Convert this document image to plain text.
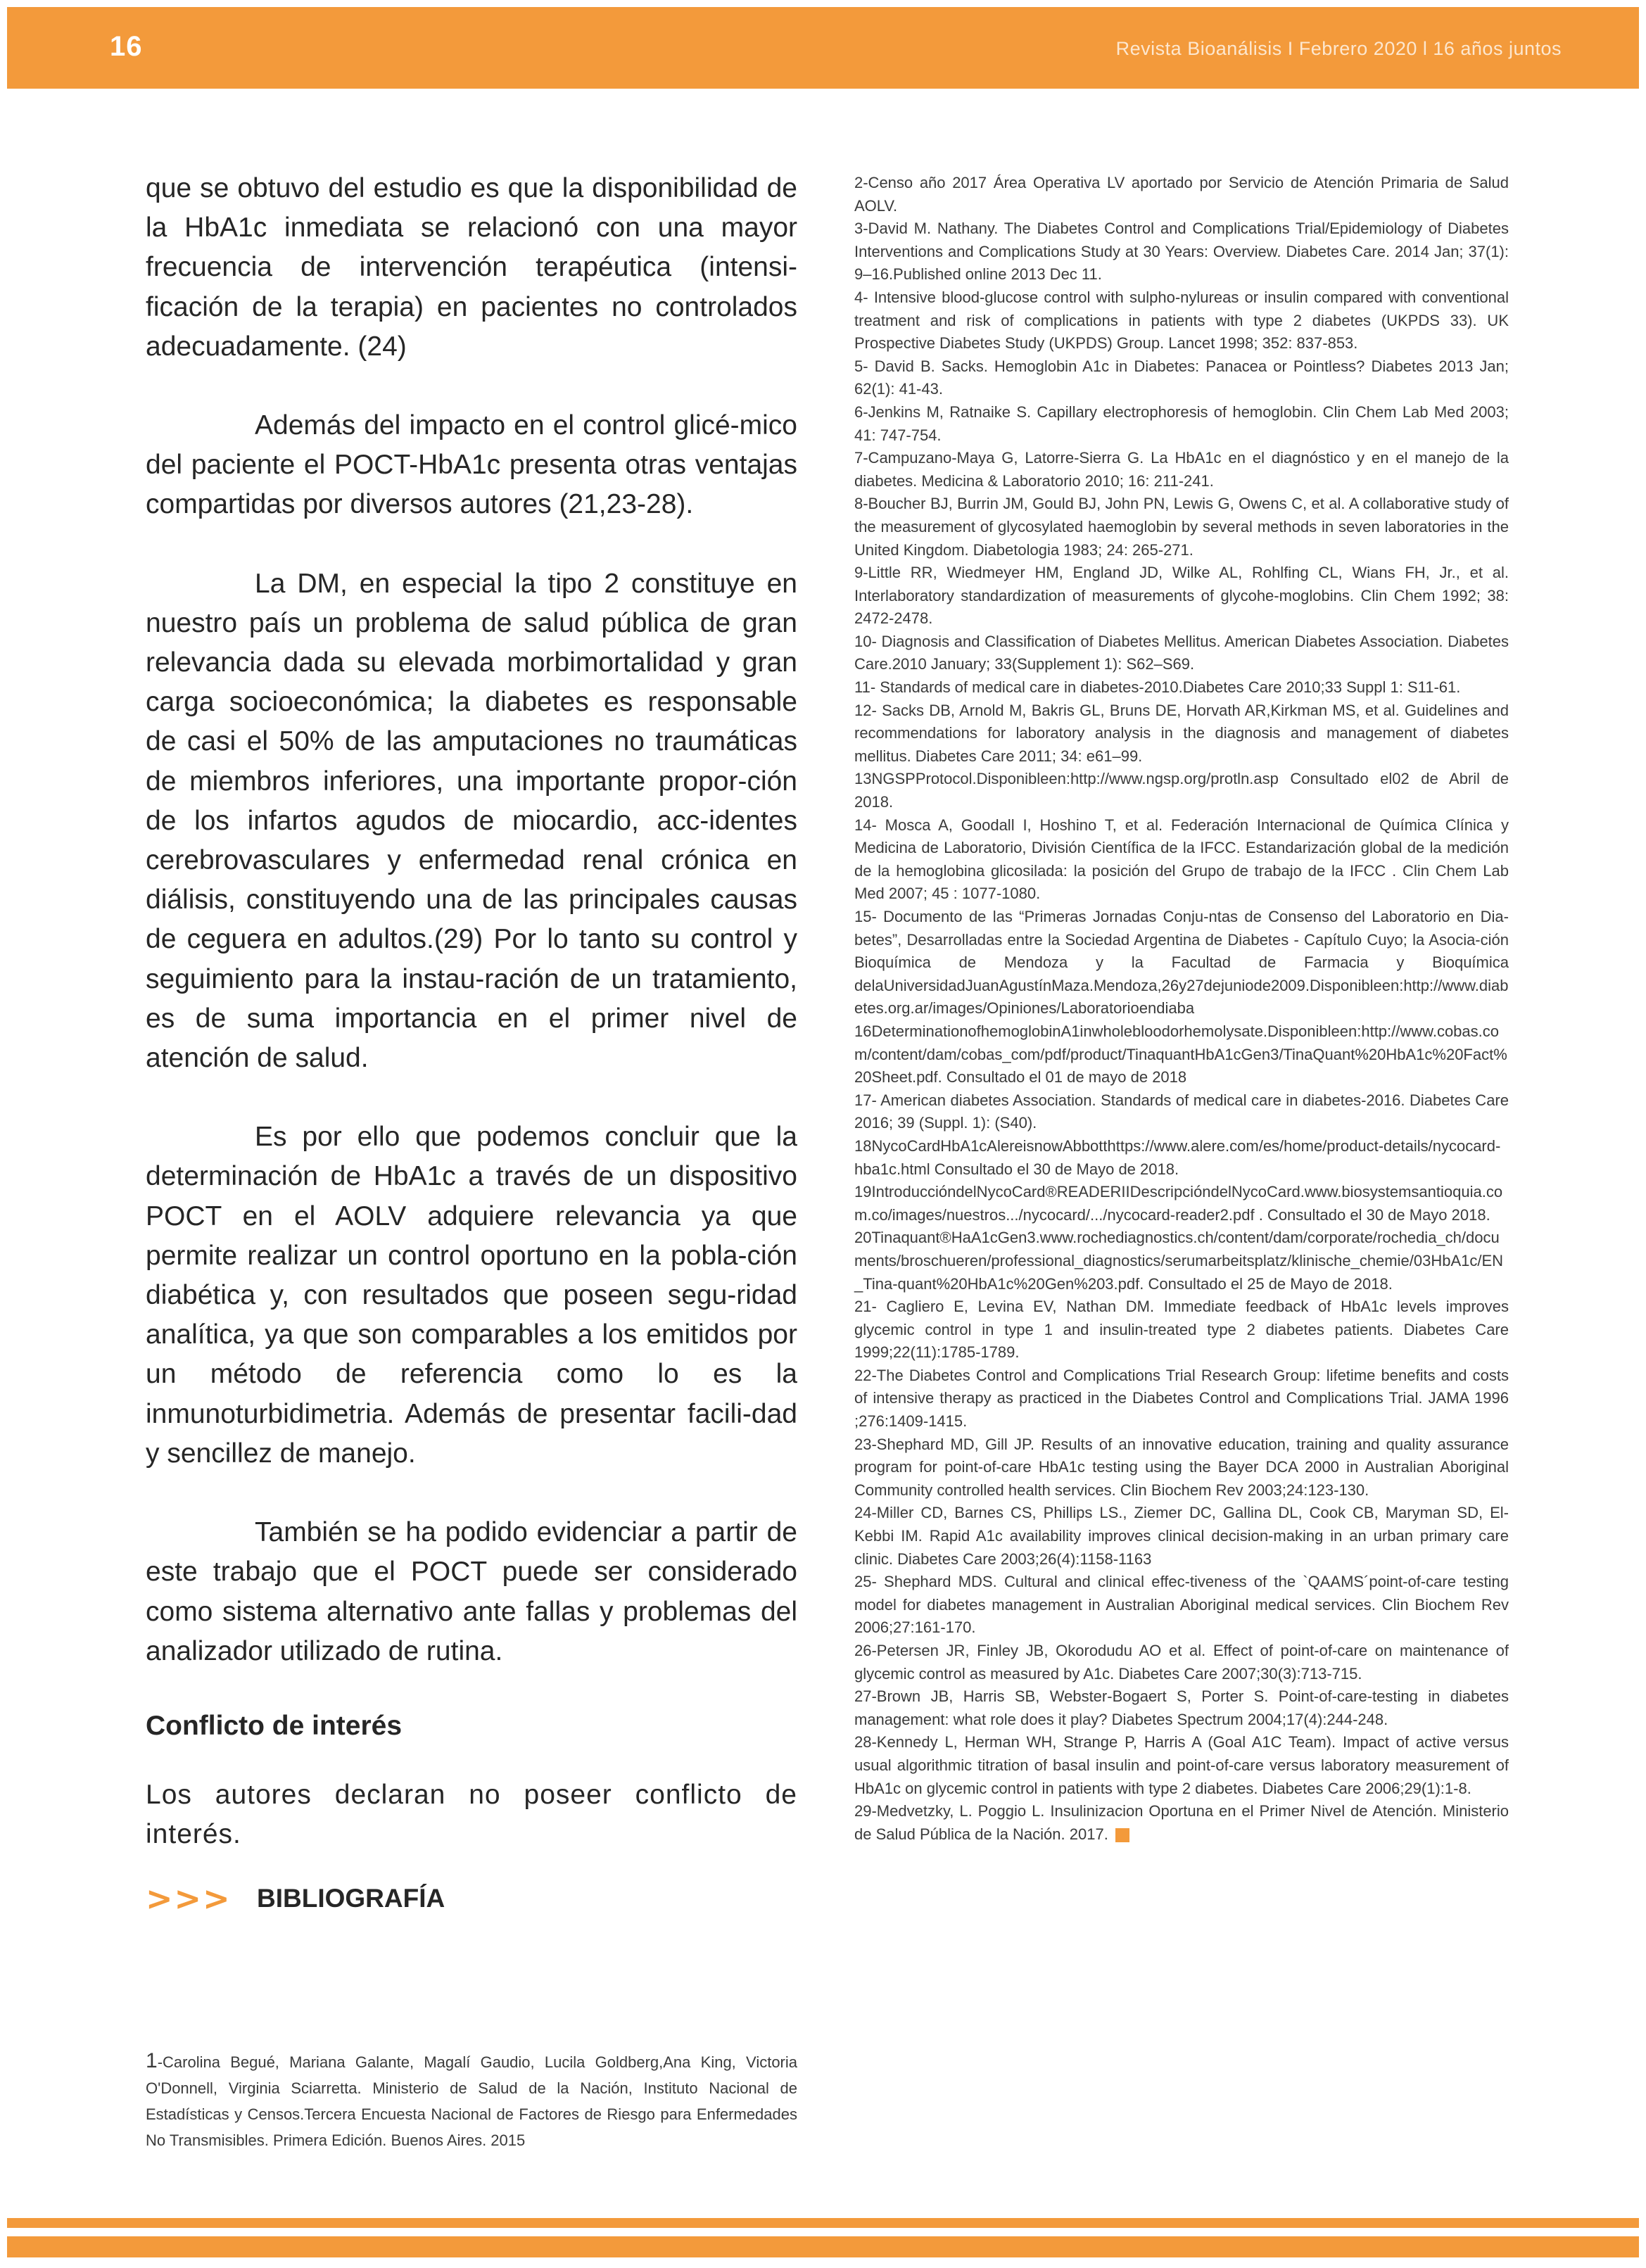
16	Revista Bioanálisis I Febrero 2020 l 16 años juntos

que se obtuvo del estudio es que la disponibilidad de la HbA1c inmediata se relacionó con una mayor frecuencia de intervención terapéutica (intensi-ficación de la terapia) en pacientes no controlados adecuadamente. (24)

Además del impacto en el control glicé-mico del paciente el POCT-HbA1c presenta otras ventajas compartidas por diversos autores (21,23-28).

La DM, en especial la tipo 2 constituye en nuestro país un problema de salud pública de gran relevancia dada su elevada morbimortalidad y gran carga socioeconómica; la diabetes es responsable de casi el 50% de las amputaciones no traumáticas de miembros inferiores, una importante propor-ción de los infartos agudos de miocardio, acc-identes cerebrovasculares y enfermedad renal crónica en diálisis, constituyendo una de las principales causas de ceguera en adultos.(29) Por lo tanto su control y seguimiento para la instau-ración de un tratamiento, es de suma importancia en el primer nivel de atención de salud.

Es por ello que podemos concluir que la determinación de HbA1c a través de un dispositivo POCT en el AOLV adquiere relevancia ya que permite realizar un control oportuno en la pobla-ción diabética y, con resultados que poseen segu-ridad analítica, ya que son comparables a los emitidos por un método de referencia como lo es la inmunoturbidimetria. Además de presentar facili-dad y sencillez de manejo.

También se ha podido evidenciar a partir de este trabajo que el POCT puede ser considerado como sistema alternativo ante fallas y problemas del analizador utilizado de rutina.

Conflicto de interés

Los autores declaran no poseer conflicto de interés.

>>> BIBLIOGRAFÍA
1-Carolina Begué, Mariana Galante, Magalí Gaudio, Lucila Goldberg,Ana King, Victoria O'Donnell, Virginia Sciarretta. Ministerio de Salud de la Nación, Instituto Nacional de Estadísticas y Censos.Tercera Encuesta Nacional de Factores de Riesgo para Enfermedades No Transmisibles. Primera Edición. Buenos Aires. 2015

2-Censo año 2017 Área Operativa LV aportado por Servicio de Atención Primaria de Salud AOLV.

3-David M. Nathany. The Diabetes Control and Complications Trial/Epidemiology of Diabetes Interventions and Complications Study at 30 Years: Overview. Diabetes Care. 2014 Jan; 37(1): 9–16.Published online 2013 Dec 11.

4- Intensive blood-glucose control with sulpho-nylureas or insulin compared with conventional treatment and risk of complications in patients with type 2 diabetes (UKPDS 33). UK Prospective Diabetes Study (UKPDS) Group. Lancet 1998; 352: 837-853.

5- David B. Sacks. Hemoglobin A1c in Diabetes: Panacea or Pointless? Diabetes 2013 Jan; 62(1): 41-43.

6-Jenkins M, Ratnaike S. Capillary electrophoresis of hemoglobin. Clin Chem Lab Med 2003; 41: 747-754.

7-Campuzano-Maya G, Latorre-Sierra G. La HbA1c en el diagnóstico y en el manejo de la diabetes. Medicina & Laboratorio 2010; 16: 211-241.

8-Boucher BJ, Burrin JM, Gould BJ, John PN, Lewis G, Owens C, et al. A collaborative study of the measurement of glycosylated haemoglobin by several methods in seven laboratories in the United Kingdom. Diabetologia 1983; 24: 265-271.

9-Little RR, Wiedmeyer HM, England JD, Wilke AL, Rohlfing CL, Wians FH, Jr., et al. Interlaboratory standardization of measurements of glycohe-moglobins. Clin Chem 1992; 38: 2472-2478.

10- Diagnosis and Classification of Diabetes Mellitus. American Diabetes Association. Diabetes Care.2010 January; 33(Supplement 1): S62–S69.

11- Standards of medical care in diabetes-2010.Diabetes Care 2010;33 Suppl 1: S11-61.

12- Sacks DB, Arnold M, Bakris GL, Bruns DE, Horvath AR,Kirkman MS, et al. Guidelines and recommendations for laboratory analysis in the diagnosis and management of diabetes mellitus. Diabetes Care 2011; 34: e61–99.

13NGSPProtocol.Disponibleen:http://www.ngsp.org/protln.asp Consultado el02 de Abril de 2018.

14- Mosca A, Goodall I, Hoshino T, et al. Federación Internacional de Química Clínica y Medicina de Laboratorio, División Científica de la IFCC. Estandarización global de la medición de la hemoglobina glicosilada: la posición del Grupo de trabajo de la IFCC . Clin Chem Lab Med 2007; 45 : 1077-1080.

15- Documento de las “Primeras Jornadas Conju-ntas de Consenso del Laboratorio en Dia-betes”, Desarrolladas entre la Sociedad Argentina de Diabetes - Capítulo Cuyo; la Asocia-ción Bioquímica de Mendoza y la Facultad de Farmacia y Bioquímica delaUniversidadJuanAgustínMaza.Mendoza,26y27dejuniode2009.Disponibleen:http://www.diabetes.org.ar/images/Opiniones/Laboratorioendiaba

16DeterminationofhemoglobinA1inwholebloodorhemolysate.Disponibleen:http://www.cobas.com/content/dam/cobas_com/pdf/product/TinaquantHbA1cGen3/TinaQuant%20HbA1c%20Fact%20Sheet.pdf. Consultado el 01 de mayo de 2018

17- American diabetes Association. Standards of medical care in diabetes-2016. Diabetes Care 2016; 39 (Suppl. 1): (S40).

18NycoCardHbA1cAlereisnowAbbotthttps://www.alere.com/es/home/product-details/nycocard-hba1c.html Consultado el 30 de Mayo de 2018.

19IntroduccióndelNycoCard®READERIIDescripcióndelNycoCard.www.biosystemsantioquia.com.co/images/nuestros.../nycocard/.../nycocard-reader2.pdf . Consultado el 30 de Mayo 2018.

20Tinaquant®HaA1cGen3.www.rochediagnostics.ch/content/dam/corporate/rochedia_ch/documents/broschueren/professional_diagnostics/serumarbeitsplatz/klinische_chemie/03HbA1c/EN_Tina-quant%20HbA1c%20Gen%203.pdf. Consultado el 25 de Mayo de 2018.

21- Cagliero E, Levina EV, Nathan DM. Immediate feedback of HbA1c levels improves glycemic control in type 1 and insulin-treated type 2 diabetes patients. Diabetes Care 1999;22(11):1785-1789.

22-The Diabetes Control and Complications Trial Research Group: lifetime benefits and costs of intensive therapy as practiced in the Diabetes Control and Complications Trial. JAMA 1996 ;276:1409-1415.

23-Shephard MD, Gill JP. Results of an innovative education, training and quality assurance program for point-of-care HbA1c testing using the Bayer DCA 2000 in Australian Aboriginal Community controlled health services. Clin Biochem Rev 2003;24:123-130.

24-Miller CD, Barnes CS, Phillips LS., Ziemer DC, Gallina DL, Cook CB, Maryman SD, El-Kebbi IM. Rapid A1c availability improves clinical decision-making in an urban primary care clinic. Diabetes Care 2003;26(4):1158-1163

25- Shephard MDS. Cultural and clinical effec-tiveness of the `QAAMS´point-of-care testing model for diabetes management in Australian Aboriginal medical services. Clin Biochem Rev 2006;27:161-170.

26-Petersen JR, Finley JB, Okorodudu AO et al. Effect of point-of-care on maintenance of glycemic control as measured by A1c. Diabetes Care 2007;30(3):713-715.

27-Brown JB, Harris SB, Webster-Bogaert S, Porter S. Point-of-care-testing in diabetes management: what role does it play? Diabetes Spectrum 2004;17(4):244-248.

28-Kennedy L, Herman WH, Strange P, Harris A (Goal A1C Team). Impact of active versus usual algorithmic titration of basal insulin and point-of-care versus laboratory measurement of HbA1c on glycemic control in patients with type 2 diabetes. Diabetes Care 2006;29(1):1-8.

29-Medvetzky, L. Poggio L. Insulinizacion Oportuna en el Primer Nivel de Atención. Ministerio de Salud Pública de la Nación. 2017.
